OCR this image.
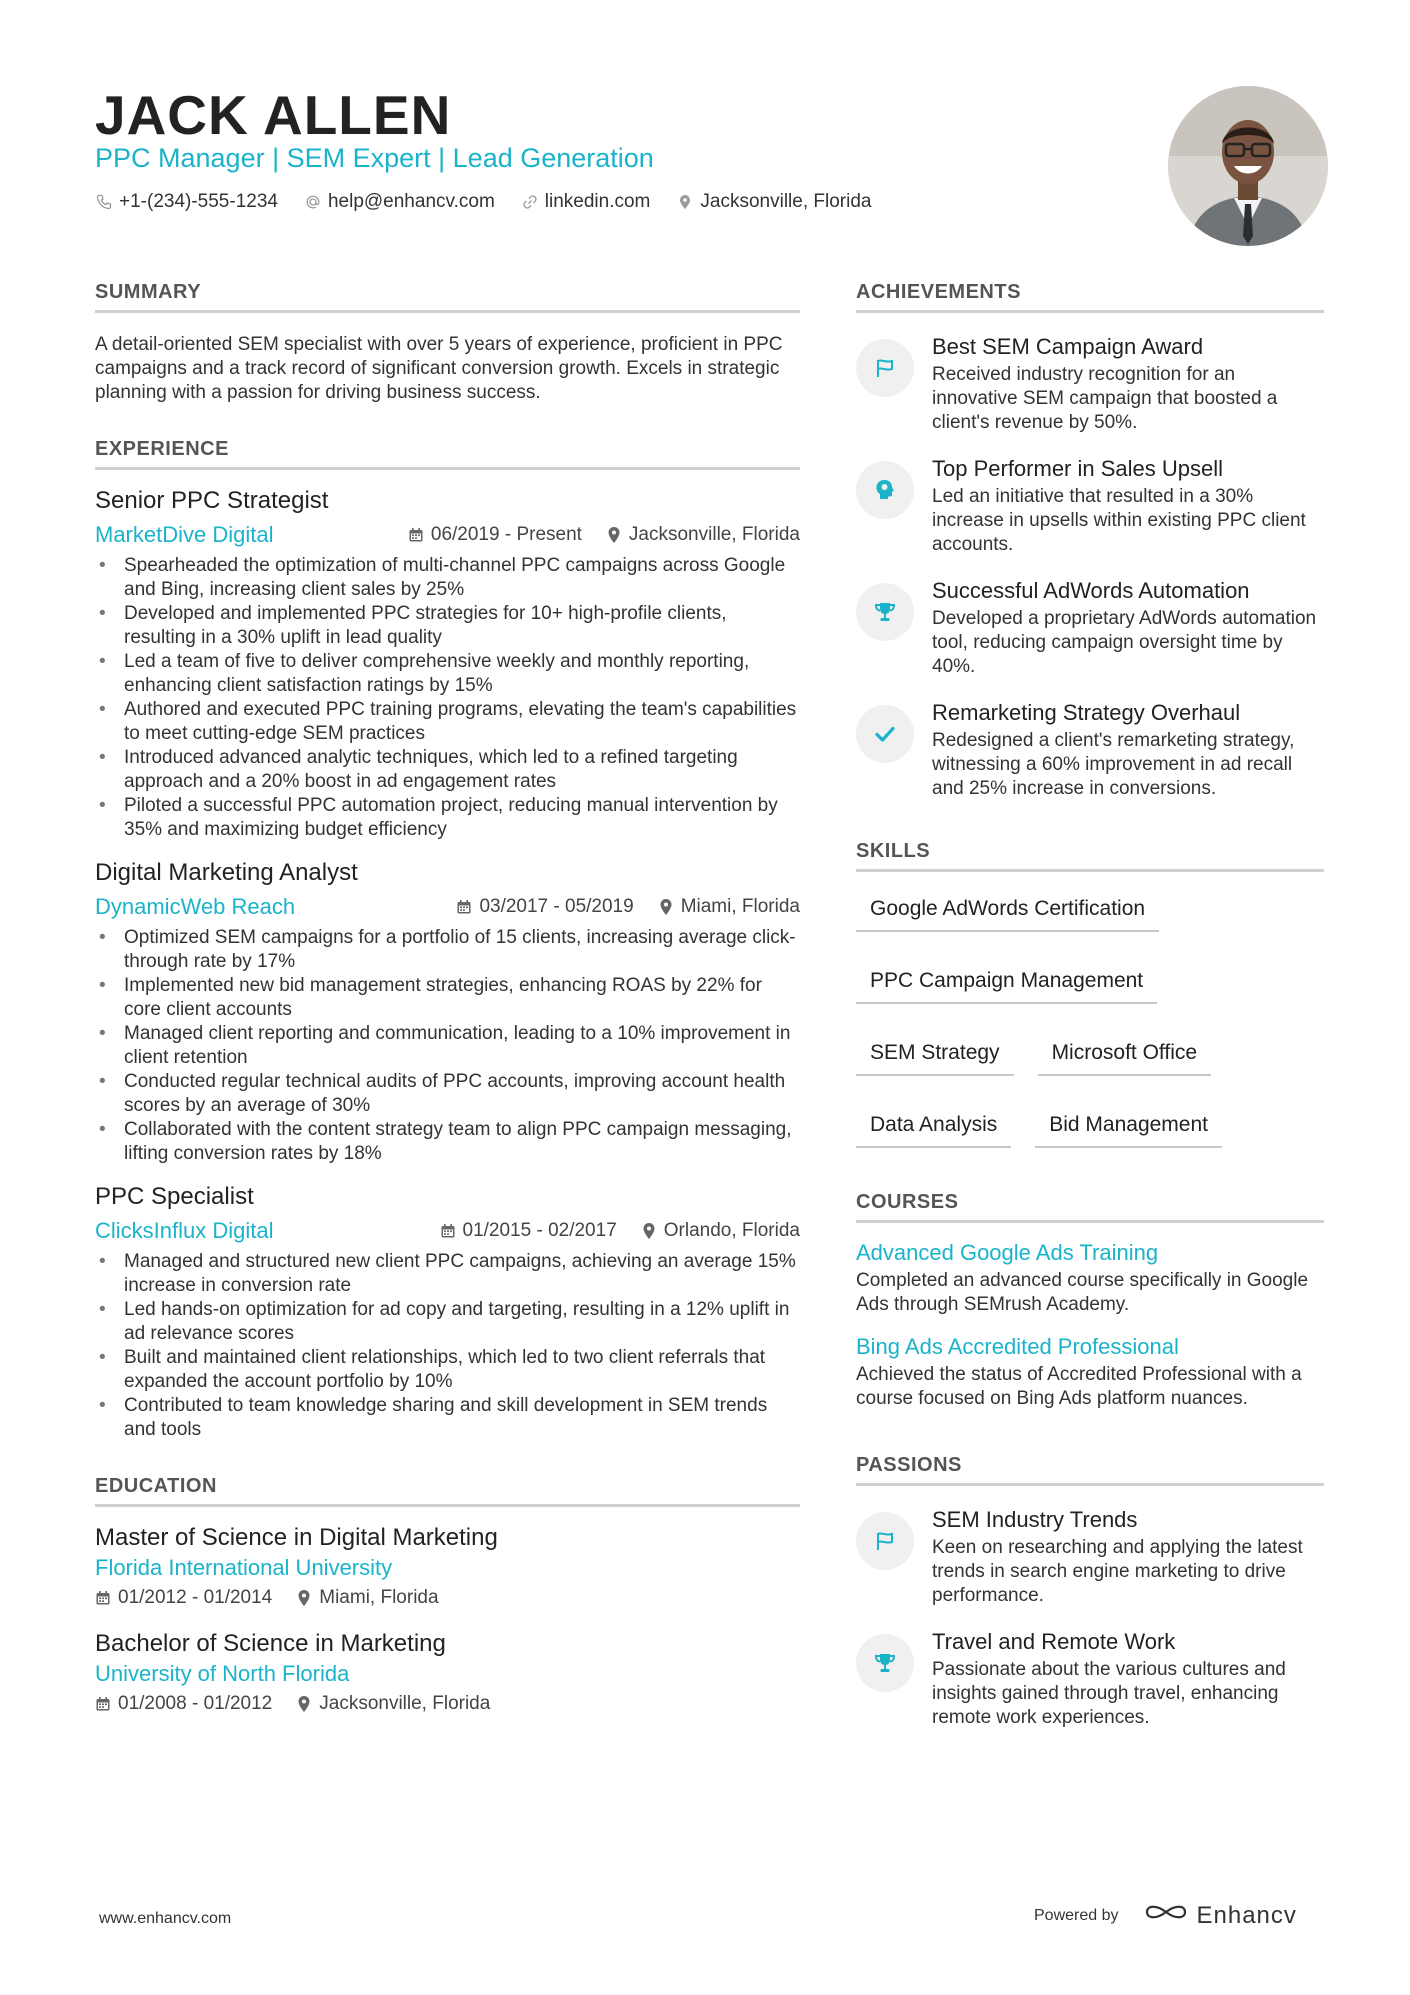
JACK ALLEN
PPC Manager | SEM Expert | Lead Generation
+1-(234)-555-1234	help@enhancv.com	linkedin.com	Jacksonville, Florida
SUMMARY

A detail-oriented SEM specialist with over 5 years of experience, proficient in PPC campaigns and a track record of significant conversion growth. Excels in strategic planning with a passion for driving business success.

EXPERIENCE
Senior PPC Strategist
MarketDive Digital	06/2019 - Present Jacksonville, Florida
• Spearheaded the optimization of multi-channel PPC campaigns across Google and Bing, increasing client sales by 25%
• Developed and implemented PPC strategies for 10+ high-profile clients, resulting in a 30% uplift in lead quality
• Led a team of five to deliver comprehensive weekly and monthly reporting, enhancing client satisfaction ratings by 15%
• Authored and executed PPC training programs, elevating the team's capabilities to meet cutting-edge SEM practices
• Introduced advanced analytic techniques, which led to a refined targeting approach and a 20% boost in ad engagement rates
• Piloted a successful PPC automation project, reducing manual intervention by 35% and maximizing budget efficiency
Digital Marketing Analyst
DynamicWeb Reach	03/2017 - 05/2019 Miami, Florida
• Optimized SEM campaigns for a portfolio of 15 clients, increasing average click-through rate by 17%
• Implemented new bid management strategies, enhancing ROAS by 22% for core client accounts
• Managed client reporting and communication, leading to a 10% improvement in client retention
• Conducted regular technical audits of PPC accounts, improving account health scores by an average of 30%
• Collaborated with the content strategy team to align PPC campaign messaging, lifting conversion rates by 18%
PPC Specialist
ClicksInflux Digital	01/2015 - 02/2017 Orlando, Florida
• Managed and structured new client PPC campaigns, achieving an average 15% increase in conversion rate
• Led hands-on optimization for ad copy and targeting, resulting in a 12% uplift in ad relevance scores
• Built and maintained client relationships, which led to two client referrals that expanded the account portfolio by 10%
• Contributed to team knowledge sharing and skill development in SEM trends and tools
EDUCATION
Master of Science in Digital Marketing
Florida International University
01/2012 - 01/2014 Miami, Florida
Bachelor of Science in Marketing
University of North Florida
01/2008 - 01/2012 Jacksonville, Florida
ACHIEVEMENTS
Best SEM Campaign Award
Received industry recognition for an innovative SEM campaign that boosted a client's revenue by 50%.
Top Performer in Sales Upsell
Led an initiative that resulted in a 30% increase in upsells within existing PPC client accounts.
Successful AdWords Automation
Developed a proprietary AdWords automation tool, reducing campaign oversight time by 40%.
Remarketing Strategy Overhaul
Redesigned a client's remarketing strategy, witnessing a 60% improvement in ad recall and 25% increase in conversions.
SKILLS
Google AdWords Certification
PPC Campaign Management
SEM Strategy	Microsoft Office
Data Analysis	Bid Management
COURSES
Advanced Google Ads Training
Completed an advanced course specifically in Google Ads through SEMrush Academy.
Bing Ads Accredited Professional
Achieved the status of Accredited Professional with a course focused on Bing Ads platform nuances.
PASSIONS
SEM Industry Trends
Keen on researching and applying the latest trends in search engine marketing to drive performance.
Travel and Remote Work
Passionate about the various cultures and insights gained through travel, enhancing remote work experiences.
www.enhancv.com	Powered by	Enhancv
